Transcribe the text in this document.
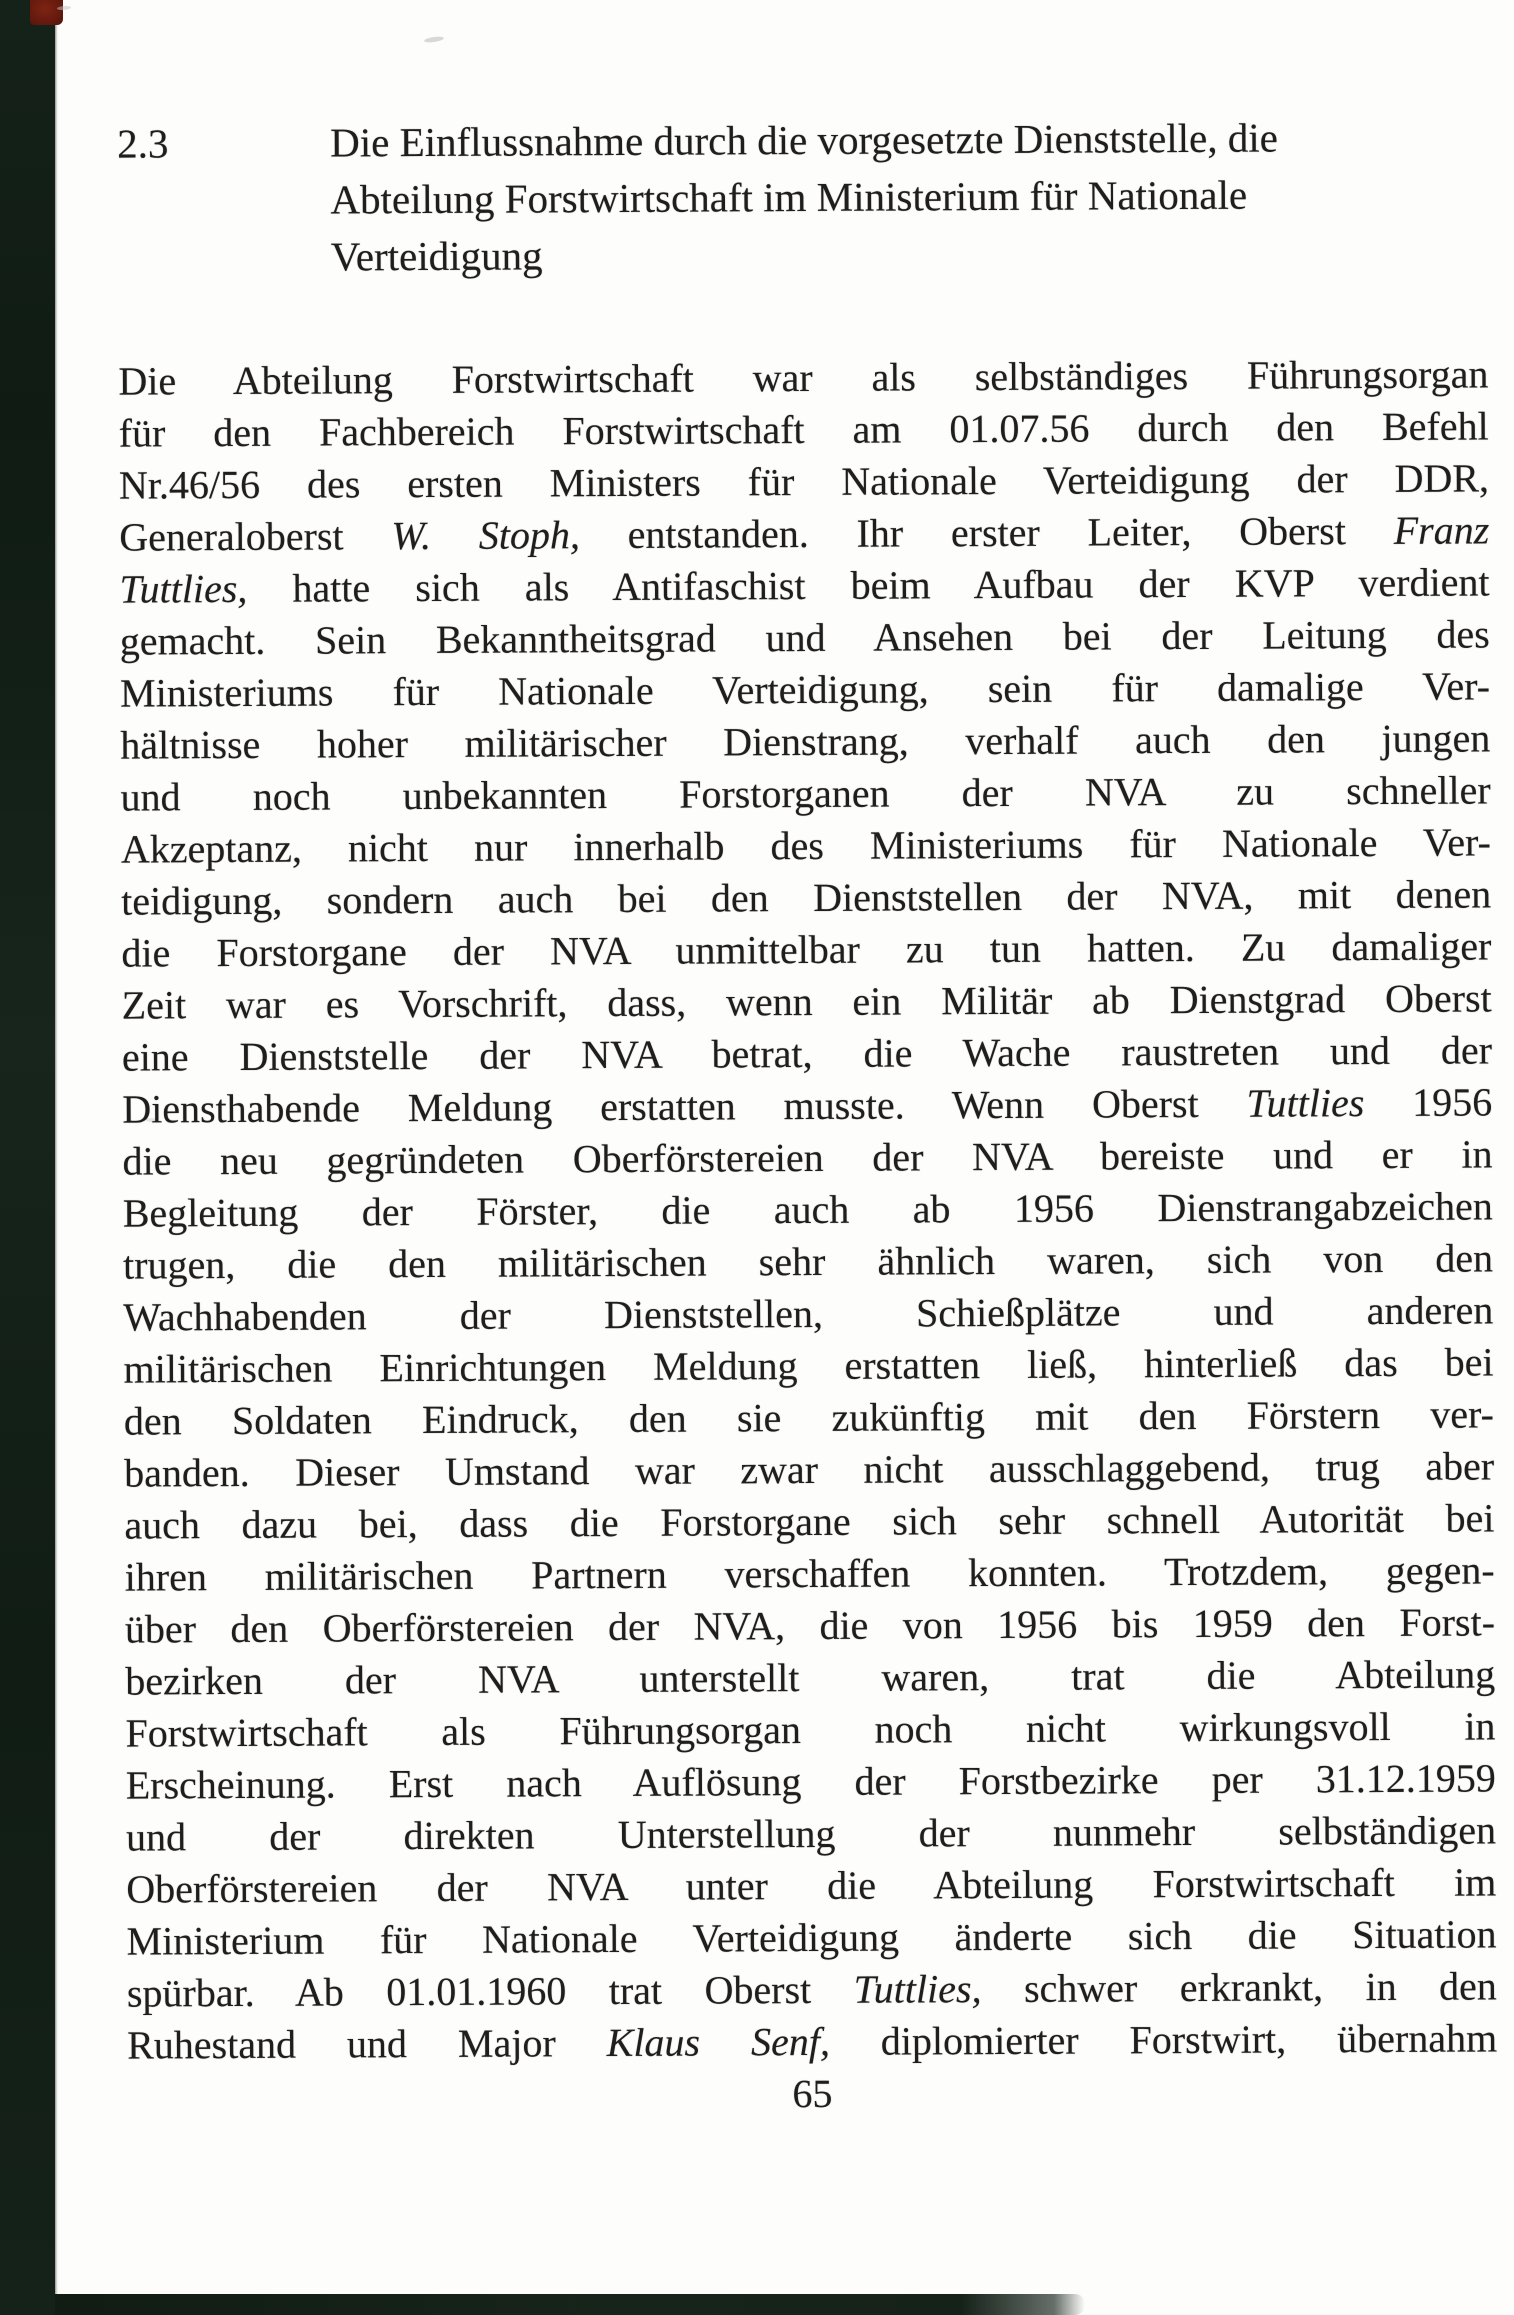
2.3	Die Einflussnahme durch die vorgesetzte Dienststelle, die
Abteilung Forstwirtschaft im Ministerium für Nationale
Verteidigung
Die Abteilung Forstwirtschaft war als selbständiges Führungsorgan
für den Fachbereich Forstwirtschaft am 01.07.56 durch den Befehl
Nr.46/56 des ersten Ministers für Nationale Verteidigung der DDR,
Generaloberst W. Stoph, entstanden. Ihr erster Leiter, Oberst Franz
Tuttlies, hatte sich als Antifaschist beim Aufbau der KVP verdient
gemacht. Sein Bekanntheitsgrad und Ansehen bei der Leitung des
Ministeriums für Nationale Verteidigung, sein für damalige Ver-
hältnisse hoher militärischer Dienstrang, verhalf auch den jungen
und noch unbekannten Forstorganen der NVA zu schneller
Akzeptanz, nicht nur innerhalb des Ministeriums für Nationale Ver-
teidigung, sondern auch bei den Dienststellen der NVA, mit denen
die Forstorgane der NVA unmittelbar zu tun hatten. Zu damaliger
Zeit war es Vorschrift, dass, wenn ein Militär ab Dienstgrad Oberst
eine Dienststelle der NVA betrat, die Wache raustreten und der
Diensthabende Meldung erstatten musste. Wenn Oberst Tuttlies 1956
die neu gegründeten Oberförstereien der NVA bereiste und er in
Begleitung der Förster, die auch ab 1956 Dienstrangabzeichen
trugen, die den militärischen sehr ähnlich waren, sich von den
Wachhabenden der Dienststellen, Schießplätze und anderen
militärischen Einrichtungen Meldung erstatten ließ, hinterließ das bei
den Soldaten Eindruck, den sie zukünftig mit den Förstern ver-
banden. Dieser Umstand war zwar nicht ausschlaggebend, trug aber
auch dazu bei, dass die Forstorgane sich sehr schnell Autorität bei
ihren militärischen Partnern verschaffen konnten. Trotzdem, gegen-
über den Oberförstereien der NVA, die von 1956 bis 1959 den Forst-
bezirken der NVA unterstellt waren, trat die Abteilung
Forstwirtschaft als Führungsorgan noch nicht wirkungsvoll in
Erscheinung. Erst nach Auflösung der Forstbezirke per 31.12.1959
und der direkten Unterstellung der nunmehr selbständigen
Oberförstereien der NVA unter die Abteilung Forstwirtschaft im
Ministerium für Nationale Verteidigung änderte sich die Situation
spürbar. Ab 01.01.1960 trat Oberst Tuttlies, schwer erkrankt, in den
Ruhestand und Major Klaus Senf, diplomierter Forstwirt, übernahm
65
